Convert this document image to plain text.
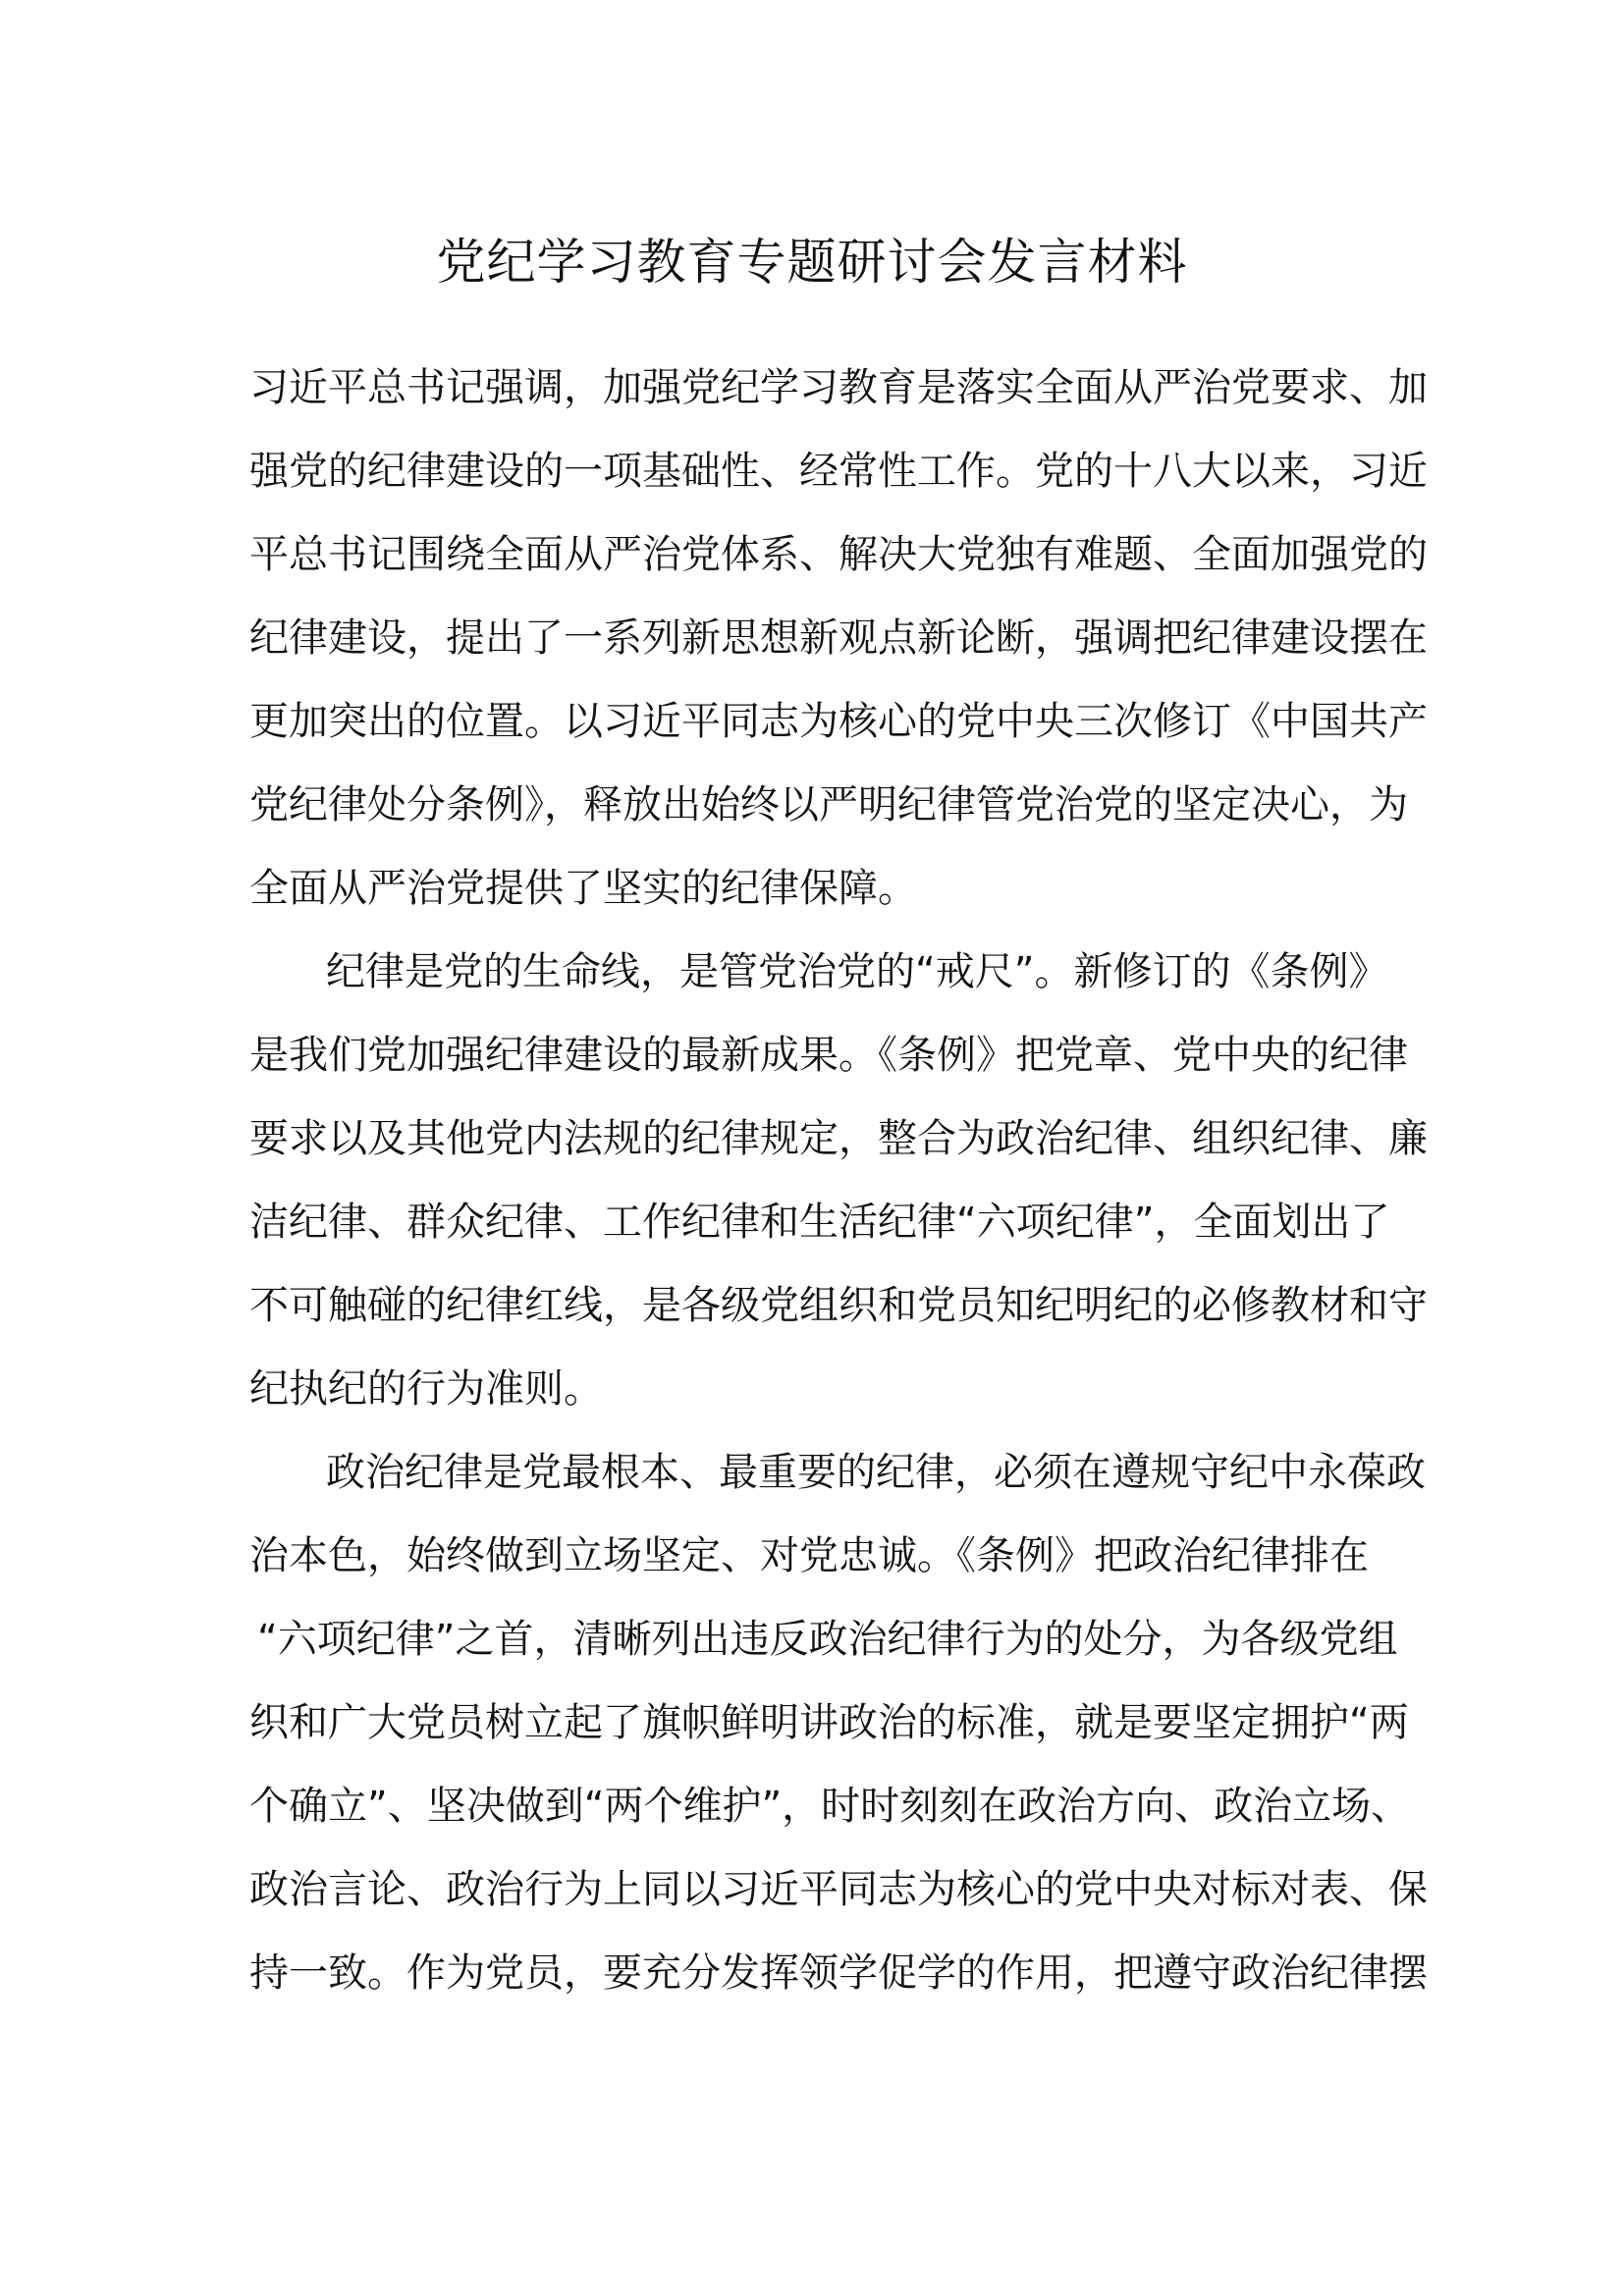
党纪学习教育专题研讨会发言材料
习近平总书记强调，加强党纪学习教育是落实全面从严治党要求、加
强党的纪律建设的一项基础性、经常性工作。党的十八大以来，习近
平总书记围绕全面从严治党体系、解决大党独有难题、全面加强党的
纪律建设，提出了一系列新思想新观点新论断，强调把纪律建设摆在
更加突出的位置。以习近平同志为核心的党中央三次修订《中国共产
党纪律处分条例》，释放出始终以严明纪律管党治党的坚定决心，为
全面从严治党提供了坚实的纪律保障。
纪律是党的生命线，是管党治党的“戒尺”。新修订的《条例》
是我们党加强纪律建设的最新成果。《条例》把党章、党中央的纪律
要求以及其他党内法规的纪律规定，整合为政治纪律、组织纪律、廉
洁纪律、群众纪律、工作纪律和生活纪律“六项纪律”，全面划出了
不可触碰的纪律红线，是各级党组织和党员知纪明纪的必修教材和守
纪执纪的行为准则。
政治纪律是党最根本、最重要的纪律，必须在遵规守纪中永葆政
治本色，始终做到立场坚定、对党忠诚。《条例》把政治纪律排在
“六项纪律”之首，清晰列出违反政治纪律行为的处分，为各级党组
织和广大党员树立起了旗帜鲜明讲政治的标准，就是要坚定拥护“两
个确立”、坚决做到“两个维护”，时时刻刻在政治方向、政治立场、
政治言论、政治行为上同以习近平同志为核心的党中央对标对表、保
持一致。作为党员，要充分发挥领学促学的作用，把遵守政治纪律摆
